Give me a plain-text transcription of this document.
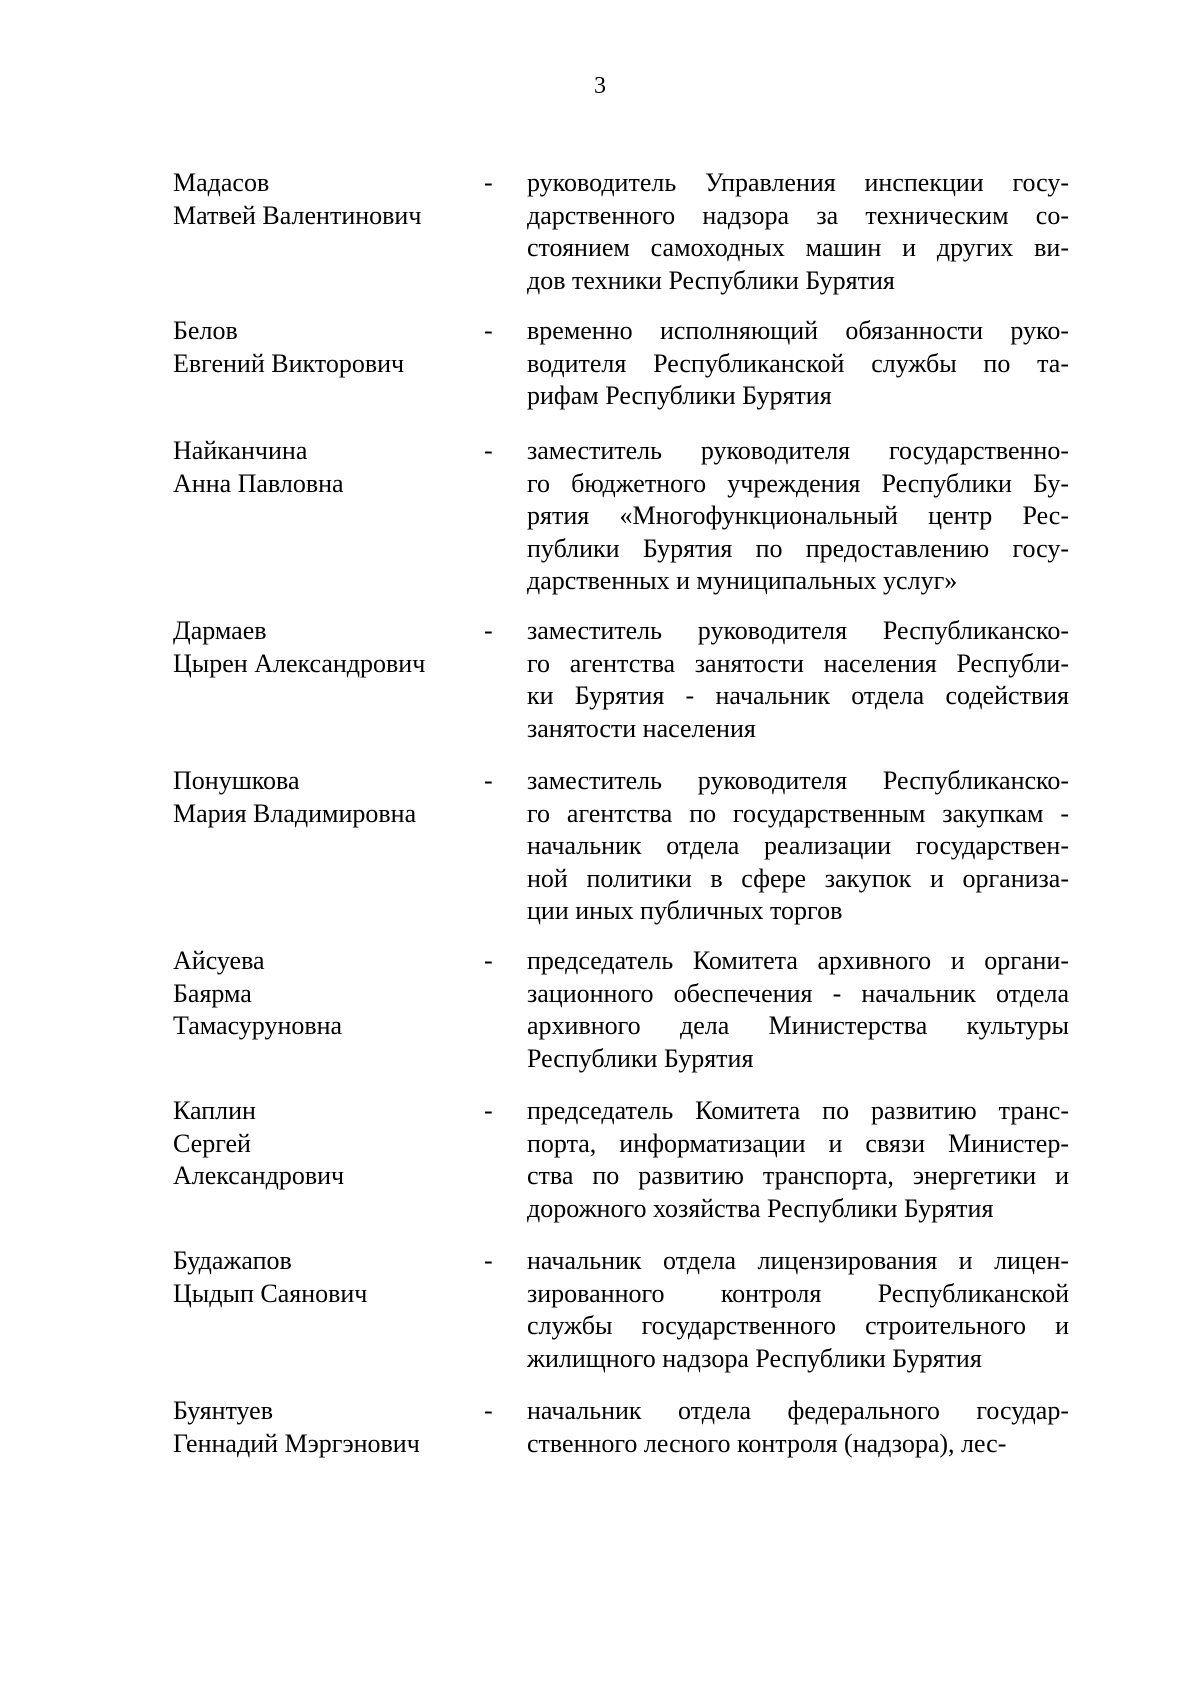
3
Мадасов
Матвей Валентинович
- руководитель Управления инспекции госу-
дарственного надзора за техническим со-
стоянием самоходных машин и других ви-
дов техники Республики Бурятия
Белов
Евгений Викторович
- временно исполняющий обязанности руко-
водителя Республиканской службы по та-
рифам Республики Бурятия
Найканчина
Анна Павловна
- заместитель руководителя государственно-
го бюджетного учреждения Республики Бу-
рятия «Многофункциональный центр Рес-
публики Бурятия по предоставлению госу-
дарственных и муниципальных услуг»
Дармаев
Цырен Александрович
- заместитель руководителя Республиканско-
го агентства занятости населения Республи-
ки Бурятия - начальник отдела содействия
занятости населения
Понушкова
Мария Владимировна
- заместитель руководителя Республиканско-
го агентства по государственным закупкам -
начальник отдела реализации государствен-
ной политики в сфере закупок и организа-
ции иных публичных торгов
Айсуева
Баярма
Тамасуруновна
- председатель Комитета архивного и органи-
зационного обеспечения - начальник отдела
архивного дела Министерства культуры
Республики Бурятия
Каплин
Сергей
Александрович
- председатель Комитета по развитию транс-
порта, информатизации и связи Министер-
ства по развитию транспорта, энергетики и
дорожного хозяйства Республики Бурятия
Будажапов
Цыдып Саянович
- начальник отдела лицензирования и лицен-
зированного контроля Республиканской
службы государственного строительного и
жилищного надзора Республики Бурятия
Буянтуев
Геннадий Мэргэнович
- начальник отдела федерального государ-
ственного лесного контроля (надзора), лес-
